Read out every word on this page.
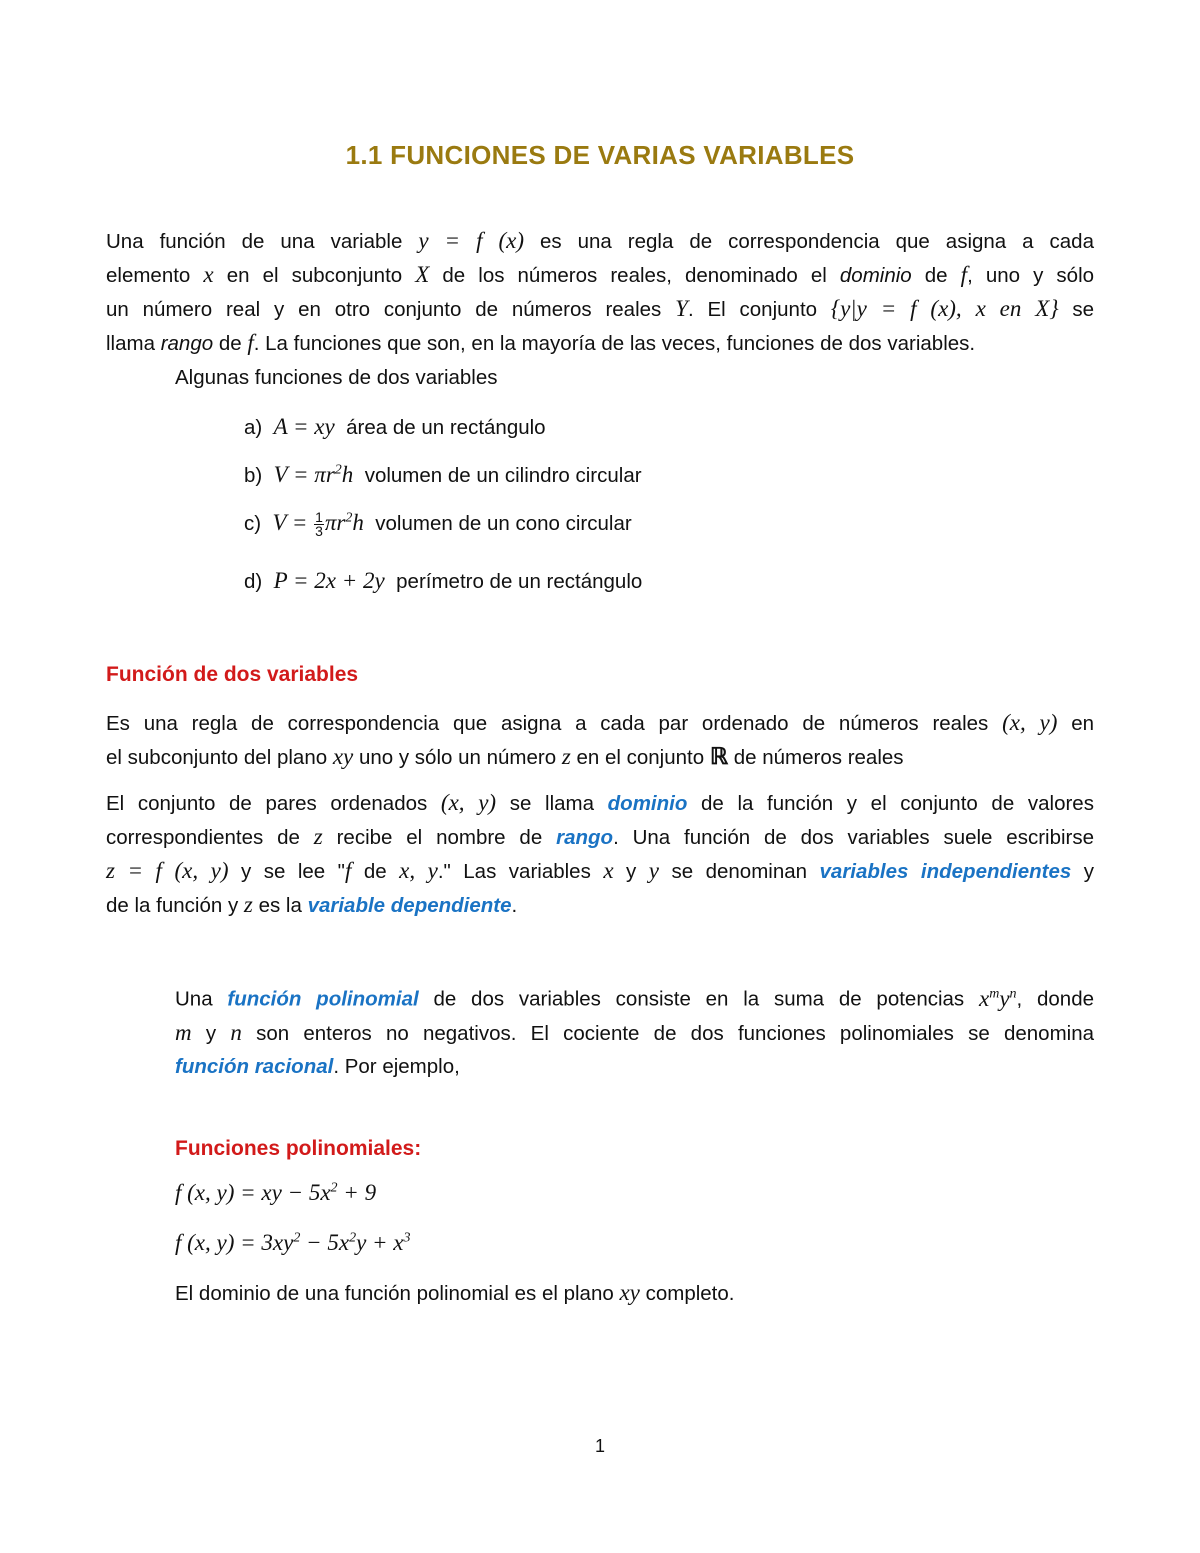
1.1 FUNCIONES DE VARIAS VARIABLES
Una función de una variable y = f (x) es una regla de correspondencia que asigna a cada
elemento x en el subconjunto X de los números reales, denominado el dominio de f, uno y sólo
un número real y en otro conjunto de números reales Y. El conjunto {y|y = f (x), x en X} se
llama rango de f. La funciones que son, en la mayoría de las veces, funciones de dos variables.
Algunas funciones de dos variables
a) A = xy área de un rectángulo
b) $V = \pi r^2h$ volumen de un cilindro circular
c) $V = \frac{1}{3} \pi r^2h$ volumen de un cono circular
d) P = 2x + 2y perímetro de un rectángulo
Función de dos variables
Es una regla de correspondencia que asigna a cada par ordenado de números reales (x, y) en
el subconjunto del plano xy uno y sólo un número z en el conjunto ℝ de números reales
El conjunto de pares ordenados (x, y) se llama dominio de la función y el conjunto de valores
correspondientes de z recibe el nombre de rango. Una función de dos variables suele escribirse
z = f (x, y) y se lee "f de x, y." Las variables x y y se denominan variables independientes y
de la función y z es la variable dependiente.
Una función polinomial de dos variables consiste en la suma de potencias $x^my^n$, donde
m y n son enteros no negativos. El cociente de dos funciones polinomiales se denomina
función racional. Por ejemplo,
Funciones polinomiales:
f (x, y) = xy − $5x^2 + 9$
f (x, $y) = 3xy^2 - 5x^2y + x^3$
El dominio de una función polinomial es el plano xy completo.
1
